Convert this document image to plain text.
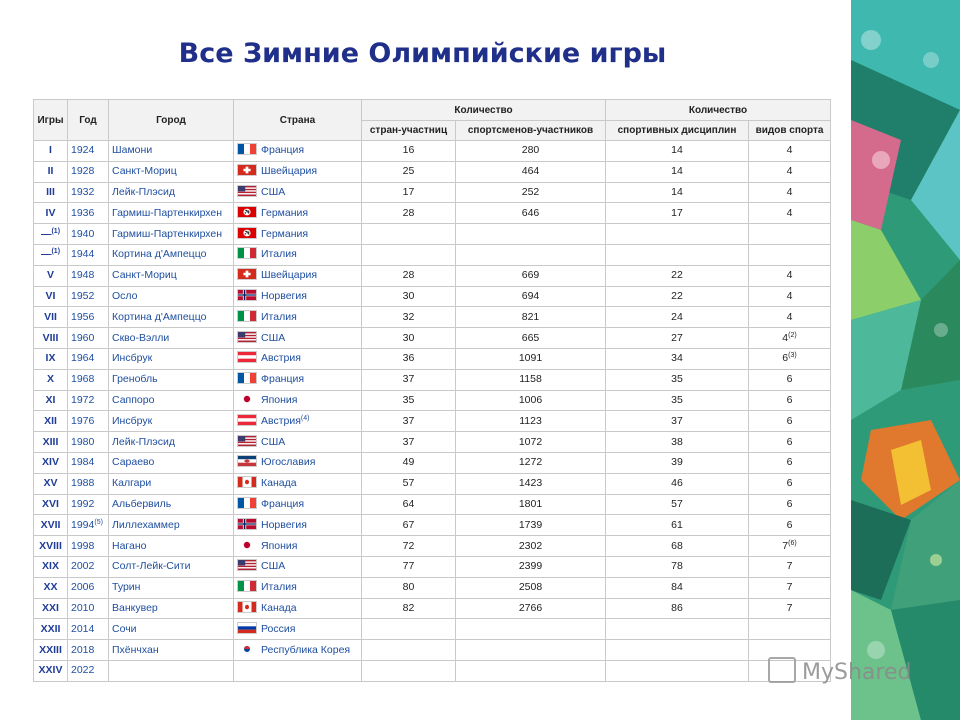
Все Зимние Олимпийские игры
Игры	Год	Город	Страна	Количество		Количество	
				стран-участниц	спортсменов-участников	спортивных дисциплин	видов спорта
I	1924	Шамони	Франция	16	280	14	4
II	1928	Санкт-Мориц	Швейцария	25	464	14	4
III	1932	Лейк-Плэсид	США	17	252	14	4
IV	1936	Гармиш-Партенкирхен	Германия	28	646	17	4
—$^{(1)}$	1940	Гармиш-Партенкирхен	Германия				
—$^{(1)}$	1944	Кортина д'Ампеццо	Италия				
V	1948	Санкт-Мориц	Швейцария	28	669	22	4
VI	1952	Осло	Норвегия	30	694	22	4
VII	1956	Кортина д'Ампеццо	Италия	32	821	24	4
VIII	1960	Скво-Вэлли	США	30	665	27	4$^{(2)}$
IX	1964	Инсбрук	Австрия	36	1091	34	6$^{(3)}$
X	1968	Гренобль	Франция	37	1158	35	6
XI	1972	Саппоро	Япония	35	1006	35	6
XII	1976	Инсбрук	Австрия$^{(4)}$	37	1123	37	6
XIII	1980	Лейк-Плэсид	США	37	1072	38	6
XIV	1984	Сараево	Югославия	49	1272	39	6
XV	1988	Калгари	Канада	57	1423	46	6
XVI	1992	Альбервиль	Франция	64	1801	57	6
XVII	1994$^{(5)}$	Лиллехаммер	Норвегия	67	1739	61	6
XVIII	1998	Нагано	Япония	72	2302	68	7$^{(6)}$
XIX	2002	Солт-Лейк-Сити	США	77	2399	78	7
XX	2006	Турин	Италия	80	2508	84	7
XXI	2010	Ванкувер	Канада	82	2766	86	7
XXII	2014	Сочи	Россия				
XXIII	2018	Пхёнчхан	Республика Корея				
XXIV	2022							MyShared
